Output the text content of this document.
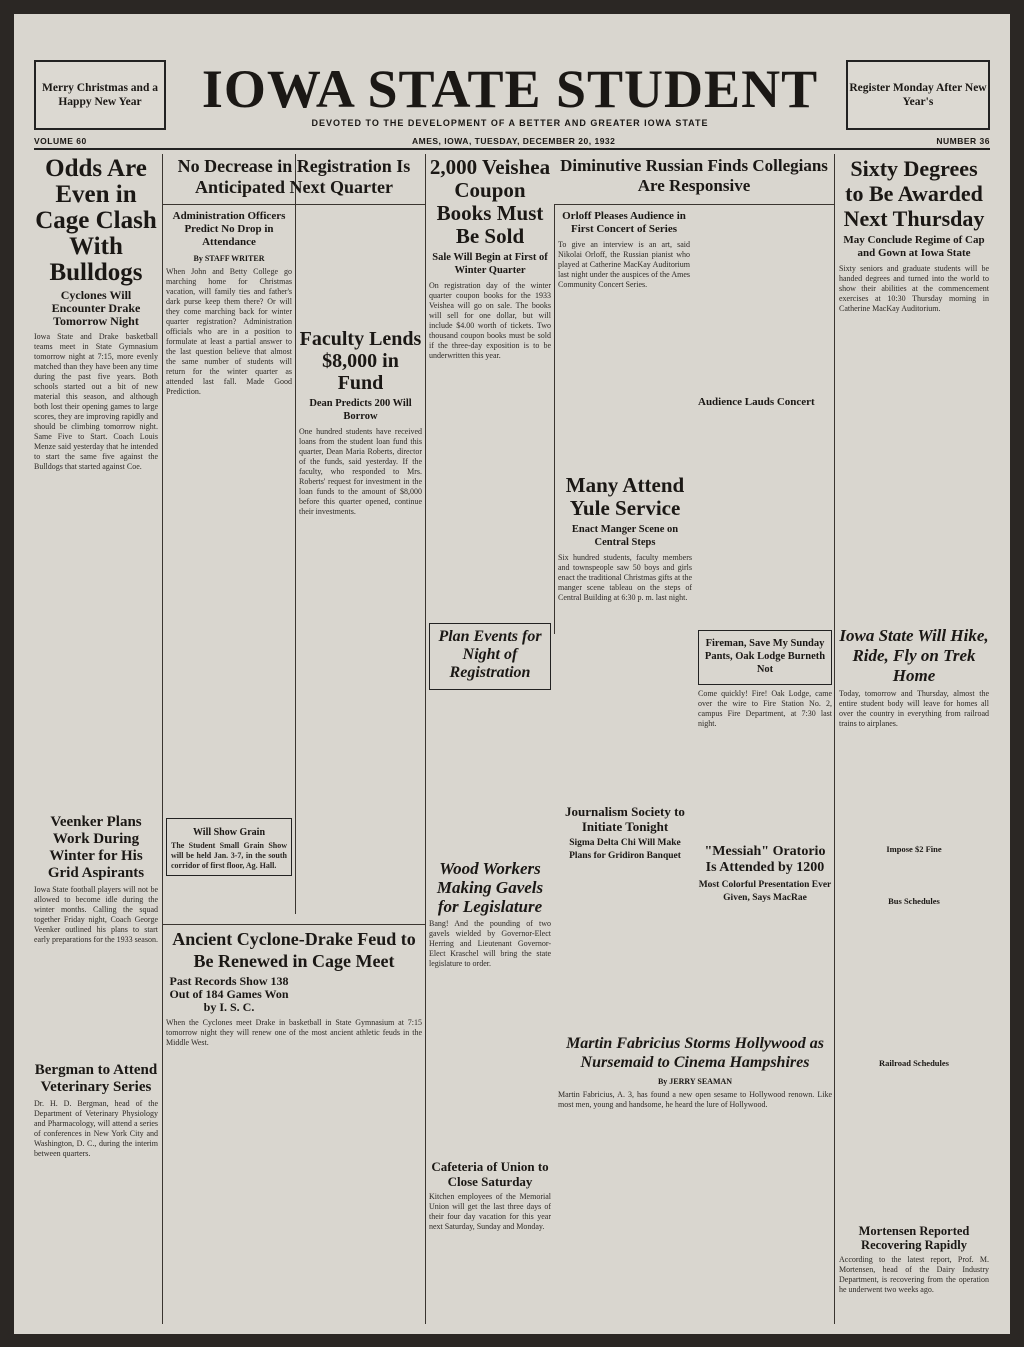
Merry Christmas and a Happy New Year	IOWA STATE STUDENT
DEVOTED TO THE DEVELOPMENT OF A BETTER AND GREATER IOWA STATE
Register Monday After New Year's
VOLUME 60	AMES, IOWA, TUESDAY, DECEMBER 20, 1932	NUMBER 36
Odds Are Even in Cage Clash With Bulldogs
Cyclones Will Encounter Drake Tomorrow Night

Iowa State and Drake basketball teams meet in State Gymnasium tomorrow night at 7:15, more evenly matched than they have been any time during the past five years. Both schools started out a bit of new material this season, and although both lost their opening games to large scores, they are improving rapidly and should be climbing tomorrow night. Same Five to Start. Coach Louis Menze said yesterday that he intended to start the same five against the Bulldogs that started against Coe.

Veenker Plans Work During Winter for His Grid Aspirants

Iowa State football players will not be allowed to become idle during the winter months. Calling the squad together Friday night, Coach George Veenker outlined his plans to start early preparations for the 1933 season.

Bergman to Attend Veterinary Series

Dr. H. D. Bergman, head of the Department of Veterinary Physiology and Pharmacology, will attend a series of conferences in New York City and Washington, D. C., during the interim between quarters.

No Decrease in Registration Is Anticipated Next Quarter
Administration Officers Predict No Drop in Attendance
By STAFF WRITER

When John and Betty College go marching home for Christmas vacation, will family ties and father's dark purse keep them there? Or will they come marching back for winter quarter registration? Administration officials who are in a position to formulate at least a partial answer to the last question believe that almost the same number of students will return for the winter quarter as attended last fall. Made Good Prediction.

Faculty Lends $8,000 in Fund
Dean Predicts 200 Will Borrow

One hundred students have received loans from the student loan fund this quarter, Dean Maria Roberts, director of the funds, said yesterday. If the faculty, who responded to Mrs. Roberts' request for investment in the loan funds to the amount of $8,000 before this quarter opened, continue their investments.

Will Show Grain

The Student Small Grain Show will be held Jan. 3-7, in the south corridor of first floor, Ag. Hall.

Ancient Cyclone-Drake Feud to Be Renewed in Cage Meet
Past Records Show 138 Out of 184 Games Won by I. S. C.

When the Cyclones meet Drake in basketball in State Gymnasium at 7:15 tomorrow night they will renew one of the most ancient athletic feuds in the Middle West.

2,000 Veishea Coupon Books Must Be Sold
Sale Will Begin at First of Winter Quarter

On registration day of the winter quarter coupon books for the 1933 Veishea will go on sale. The books will sell for one dollar, but will include $4.00 worth of tickets. Two thousand coupon books must be sold if the three-day exposition is to be underwritten this year.

Plan Events for Night of Registration
Wood Workers Making Gavels for Legislature

Bang! And the pounding of two gavels wielded by Governor-Elect Herring and Lieutenant Governor-Elect Kraschel will bring the state legislature to order.

Cafeteria of Union to Close Saturday

Kitchen employees of the Memorial Union will get the last three days of their four day vacation for this year next Saturday, Sunday and Monday.

Diminutive Russian Finds Collegians Are Responsive
Orloff Pleases Audience in First Concert of Series

To give an interview is an art, said Nikolai Orloff, the Russian pianist who played at Catherine MacKay Auditorium last night under the auspices of the Ames Community Concert Series.

Many Attend Yule Service
Enact Manger Scene on Central Steps

Six hundred students, faculty members and townspeople saw 50 boys and girls enact the traditional Christmas gifts at the manger scene tableau on the steps of Central Building at 6:30 p. m. last night.

Audience Lauds Concert
Fireman, Save My Sunday Pants, Oak Lodge Burneth Not

Come quickly! Fire! Oak Lodge, came over the wire to Fire Station No. 2, campus Fire Department, at 7:30 last night.

Journalism Society to Initiate Tonight
Sigma Delta Chi Will Make Plans for Gridiron Banquet	"Messiah" Oratorio Is Attended by 1200
Most Colorful Presentation Ever Given, Says MacRae
Martin Fabricius Storms Hollywood as Nursemaid to Cinema Hampshires
By JERRY SEAMAN

Martin Fabricius, A. 3, has found a new open sesame to Hollywood renown. Like most men, young and handsome, he heard the lure of Hollywood.

Sixty Degrees to Be Awarded Next Thursday
May Conclude Regime of Cap and Gown at Iowa State

Sixty seniors and graduate students will be handed degrees and turned into the world to show their abilities at the commencement exercises at 10:30 Thursday morning in Catherine MacKay Auditorium.

Iowa State Will Hike, Ride, Fly on Trek Home

Today, tomorrow and Thursday, almost the entire student body will leave for homes all over the country in everything from railroad trains to airplanes.

Impose $2 Fine
Bus Schedules
Railroad Schedules
Mortensen Reported Recovering Rapidly

According to the latest report, Prof. M. Mortensen, head of the Dairy Industry Department, is recovering from the operation he underwent two weeks ago.
